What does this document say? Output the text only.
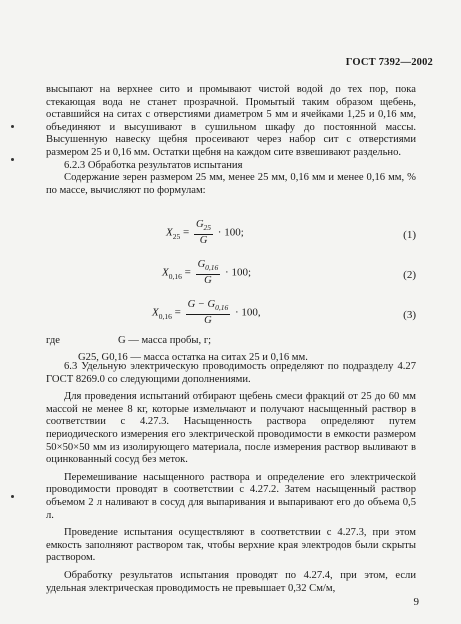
ГОСТ 7392—2002

высыпают на верхнее сито и промывают чистой водой до тех пор, пока стекающая вода не станет прозрачной. Промытый таким образом щебень, оставшийся на ситах с отверстиями диаметром 5 мм и ячейками 1,25 и 0,16 мм, объединяют и высушивают в сушильном шкафу до постоянной массы. Высушенную навеску щебня просеивают через набор сит с отверстиями размером 25 и 0,16 мм. Остатки щебня на каждом сите взвешивают раздельно.

6.2.3 Обработка результатов испытания

Содержание зерен размером 25 мм, менее 25 мм, 0,16 мм и менее 0,16 мм, % по массе, вычисляют по формулам:

$X_{25} = \frac{G_{25}}{G} \cdot 100$;	(1)
$X_{0,16} = \frac{G_{0,16}}{G} \cdot 100$;	(2)
$X_{0,16} = \frac{G - G_{0,16}}{G} \cdot 100$,	(3)
где	G — масса пробы, г;
G25, G0,16 — масса остатка на ситах 25 и 0,16 мм.

6.3 Удельную электрическую проводимость определяют по подразделу 4.27 ГОСТ 8269.0 со следующими дополнениями.

Для проведения испытаний отбирают щебень смеси фракций от 25 до 60 мм массой не менее 8 кг, которые измельчают и получают насыщенный раствор в соответствии с 4.27.3. Насыщенность раствора определяют путем периодического измерения его электрической проводимости в емкости размером 50×50×50 мм из изолирующего материала, после измерения раствор выливают в оцинкованный сосуд без меток.

Перемешивание насыщенного раствора и определение его электрической проводимости проводят в соответствии с 4.27.2. Затем насыщенный раствор объемом 2 л наливают в сосуд для выпаривания и выпаривают его до объема 0,5 л.

Проведение испытания осуществляют в соответствии с 4.27.3, при этом емкость заполняют раствором так, чтобы верхние края электродов были скрыты раствором.

Обработку результатов испытания проводят по 4.27.4, при этом, если удельная электрическая проводимость не превышает 0,32 См/м,

9
